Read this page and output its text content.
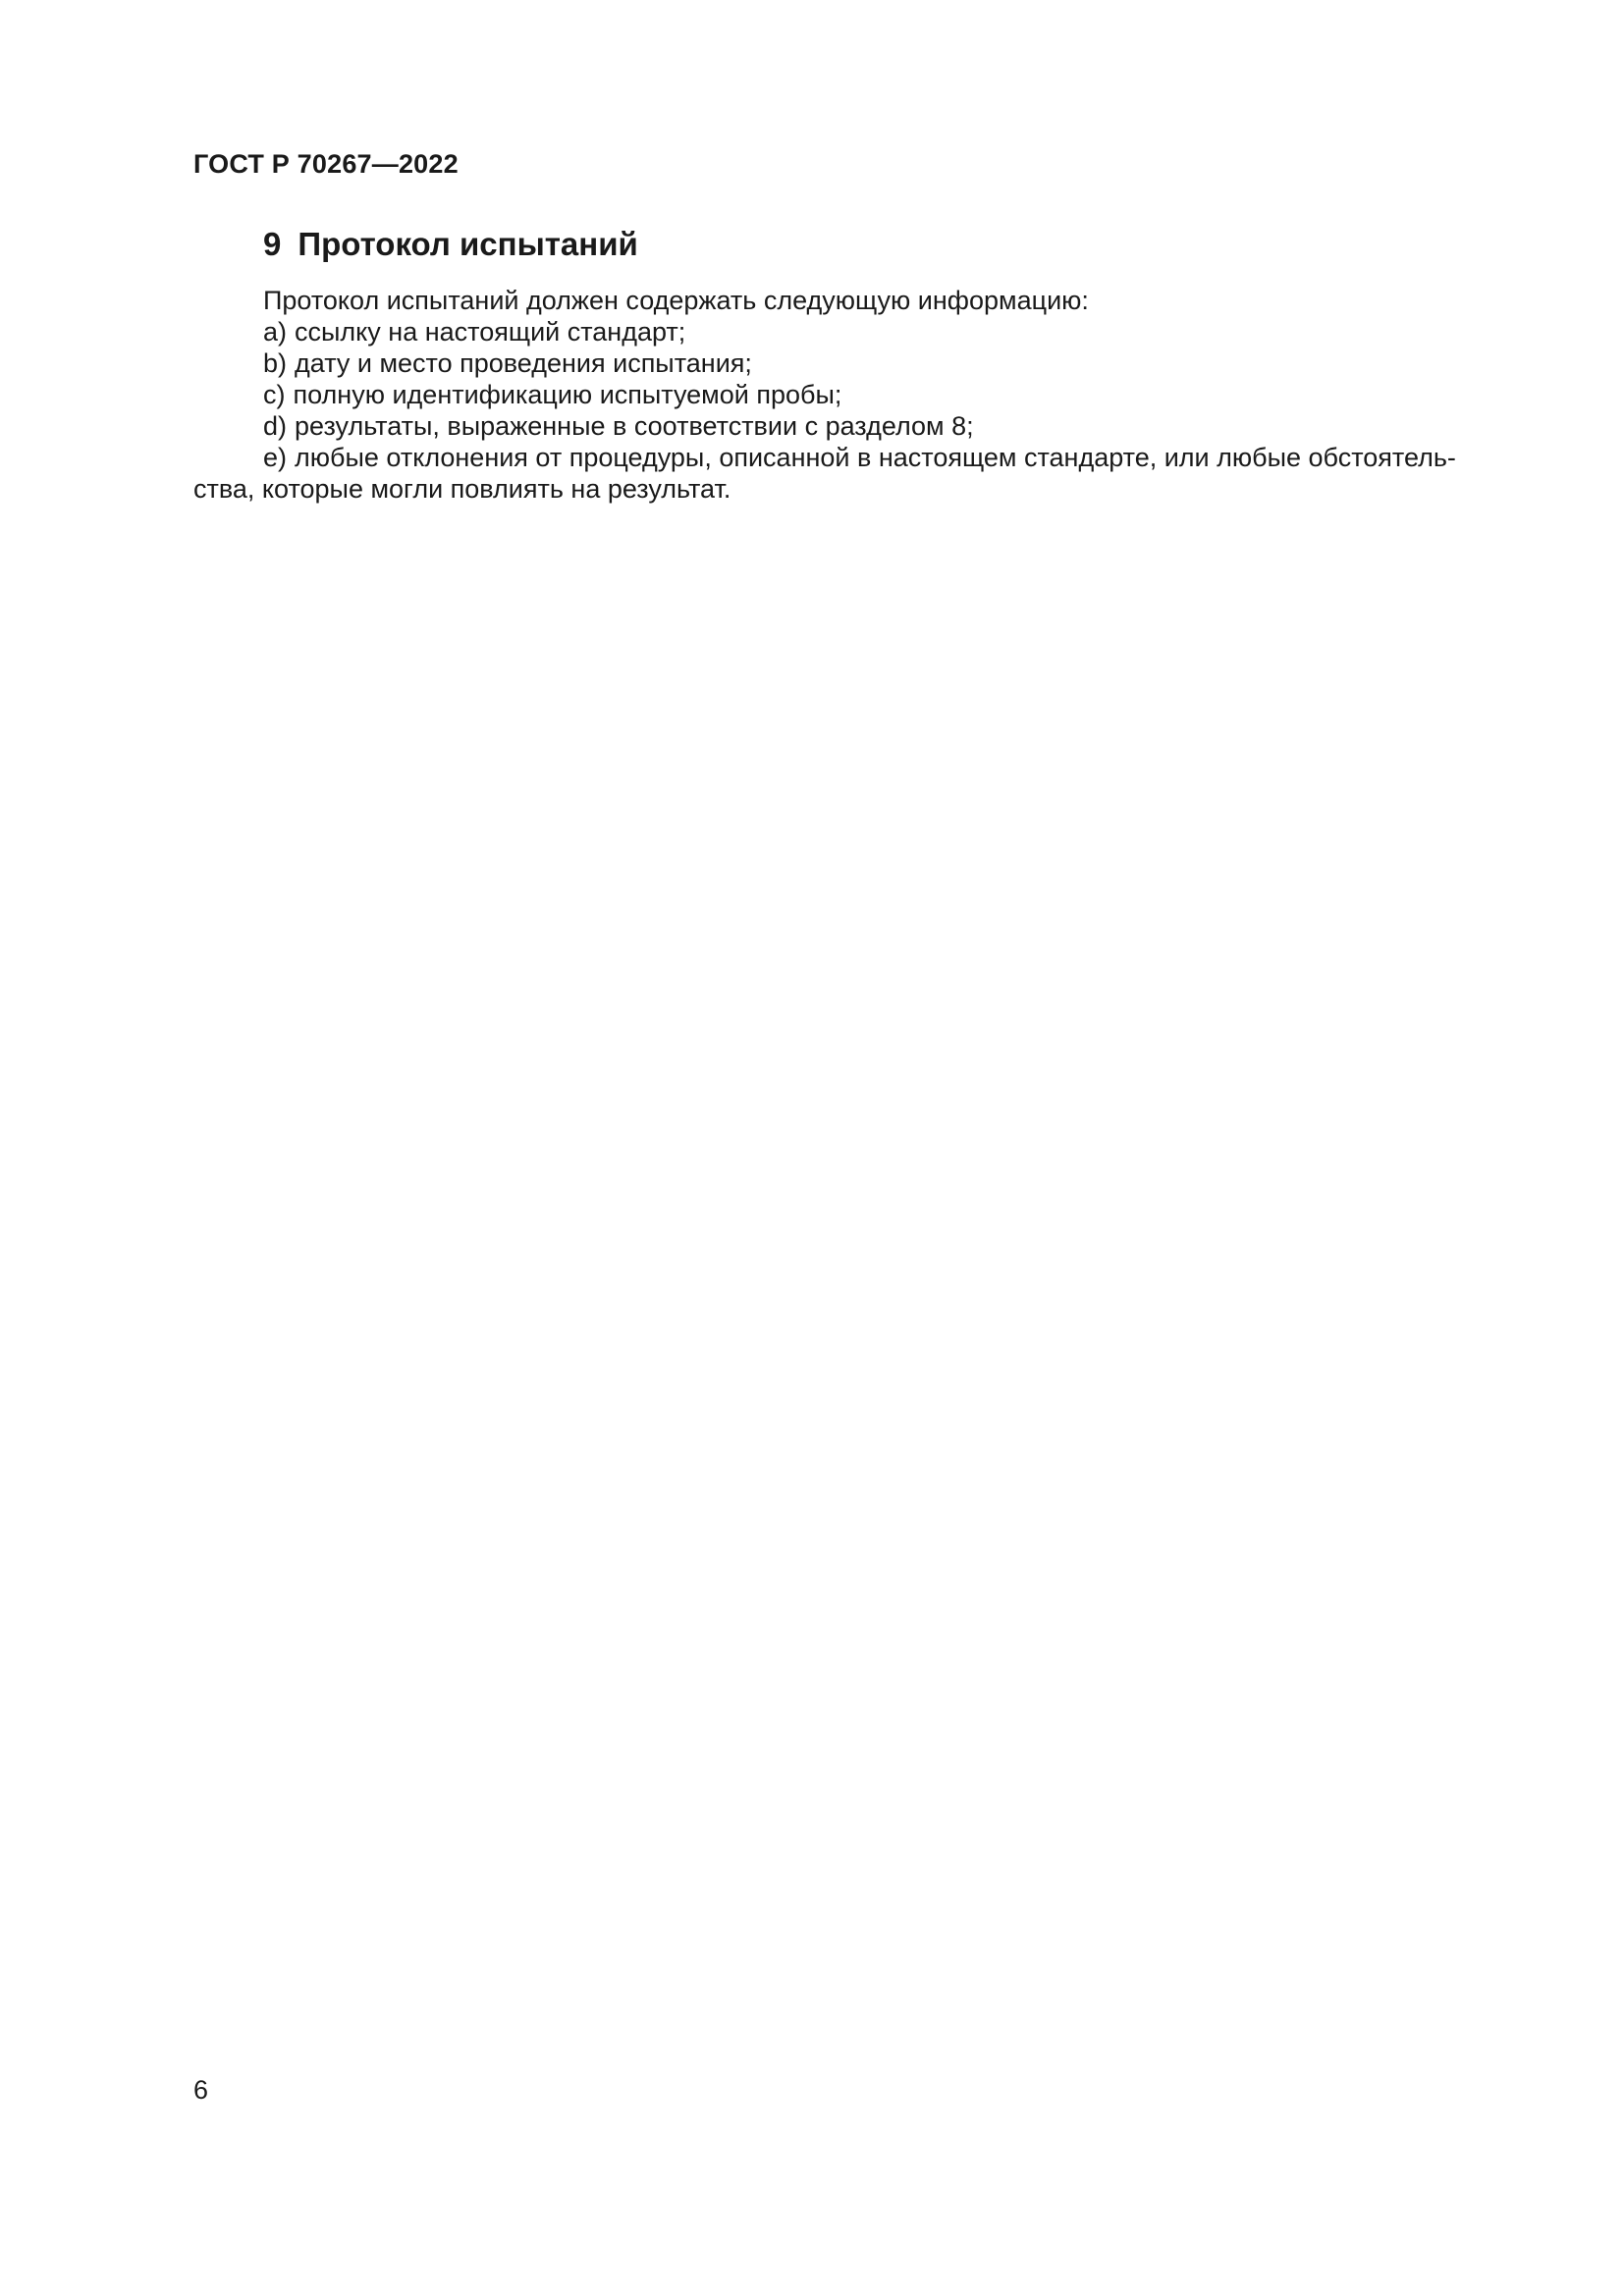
ГОСТ Р 70267—2022
9 Протокол испытаний

Протокол испытаний должен содержать следующую информацию:

a) ссылку на настоящий стандарт;

b) дату и место проведения испытания;

c) полную идентификацию испытуемой пробы;

d) результаты, выраженные в соответствии с разделом 8;

e) любые отклонения от процедуры, описанной в настоящем стандарте, или любые обстоятель-

ства, которые могли повлиять на результат.

6
